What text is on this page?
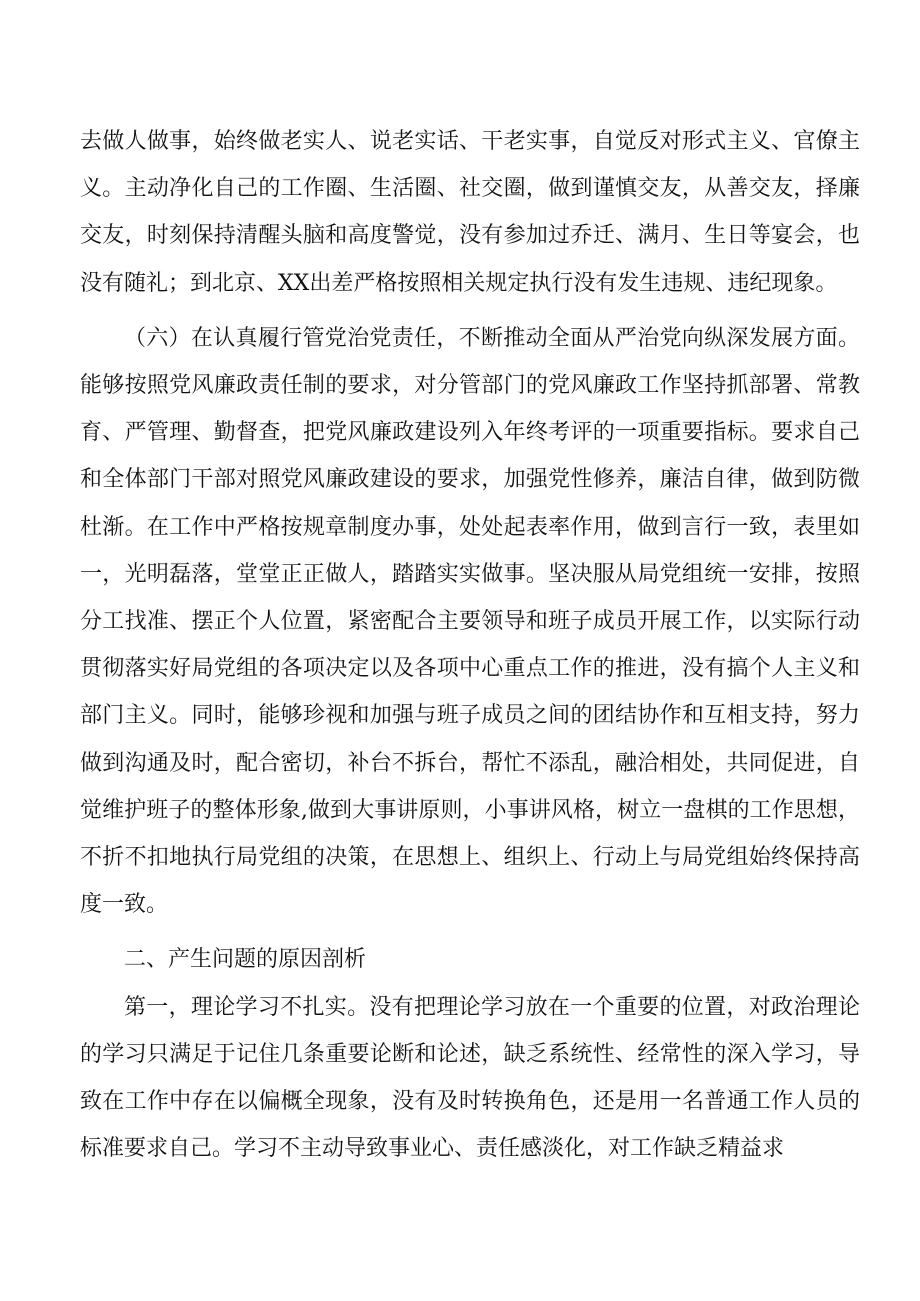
去做人做事，始终做老实人、说老实话、干老实事，自觉反对形式主义、官僚主义。主动净化自己的工作圈、生活圈、社交圈，做到谨慎交友，从善交友，择廉交友，时刻保持清醒头脑和高度警觉，没有参加过乔迁、满月、生日等宴会，也没有随礼；到北京、XX出差严格按照相关规定执行没有发生违规、违纪现象。

（六）在认真履行管党治党责任，不断推动全面从严治党向纵深发展方面。能够按照党风廉政责任制的要求，对分管部门的党风廉政工作坚持抓部署、常教育、严管理、勤督查，把党风廉政建设列入年终考评的一项重要指标。要求自己和全体部门干部对照党风廉政建设的要求，加强党性修养，廉洁自律，做到防微杜渐。在工作中严格按规章制度办事，处处起表率作用，做到言行一致，表里如一，光明磊落，堂堂正正做人，踏踏实实做事。坚决服从局党组统一安排，按照分工找准、摆正个人位置，紧密配合主要领导和班子成员开展工作，以实际行动贯彻落实好局党组的各项决定以及各项中心重点工作的推进，没有搞个人主义和部门主义。同时，能够珍视和加强与班子成员之间的团结协作和互相支持，努力做到沟通及时，配合密切，补台不拆台，帮忙不添乱，融洽相处，共同促进，自觉维护班子的整体形象,做到大事讲原则，小事讲风格，树立一盘棋的工作思想，不折不扣地执行局党组的决策，在思想上、组织上、行动上与局党组始终保持高度一致。

二、产生问题的原因剖析

第一，理论学习不扎实。没有把理论学习放在一个重要的位置，对政治理论的学习只满足于记住几条重要论断和论述，缺乏系统性、经常性的深入学习，导致在工作中存在以偏概全现象，没有及时转换角色，还是用一名普通工作人员的标准要求自己。学习不主动导致事业心、责任感淡化，对工作缺乏精益求
